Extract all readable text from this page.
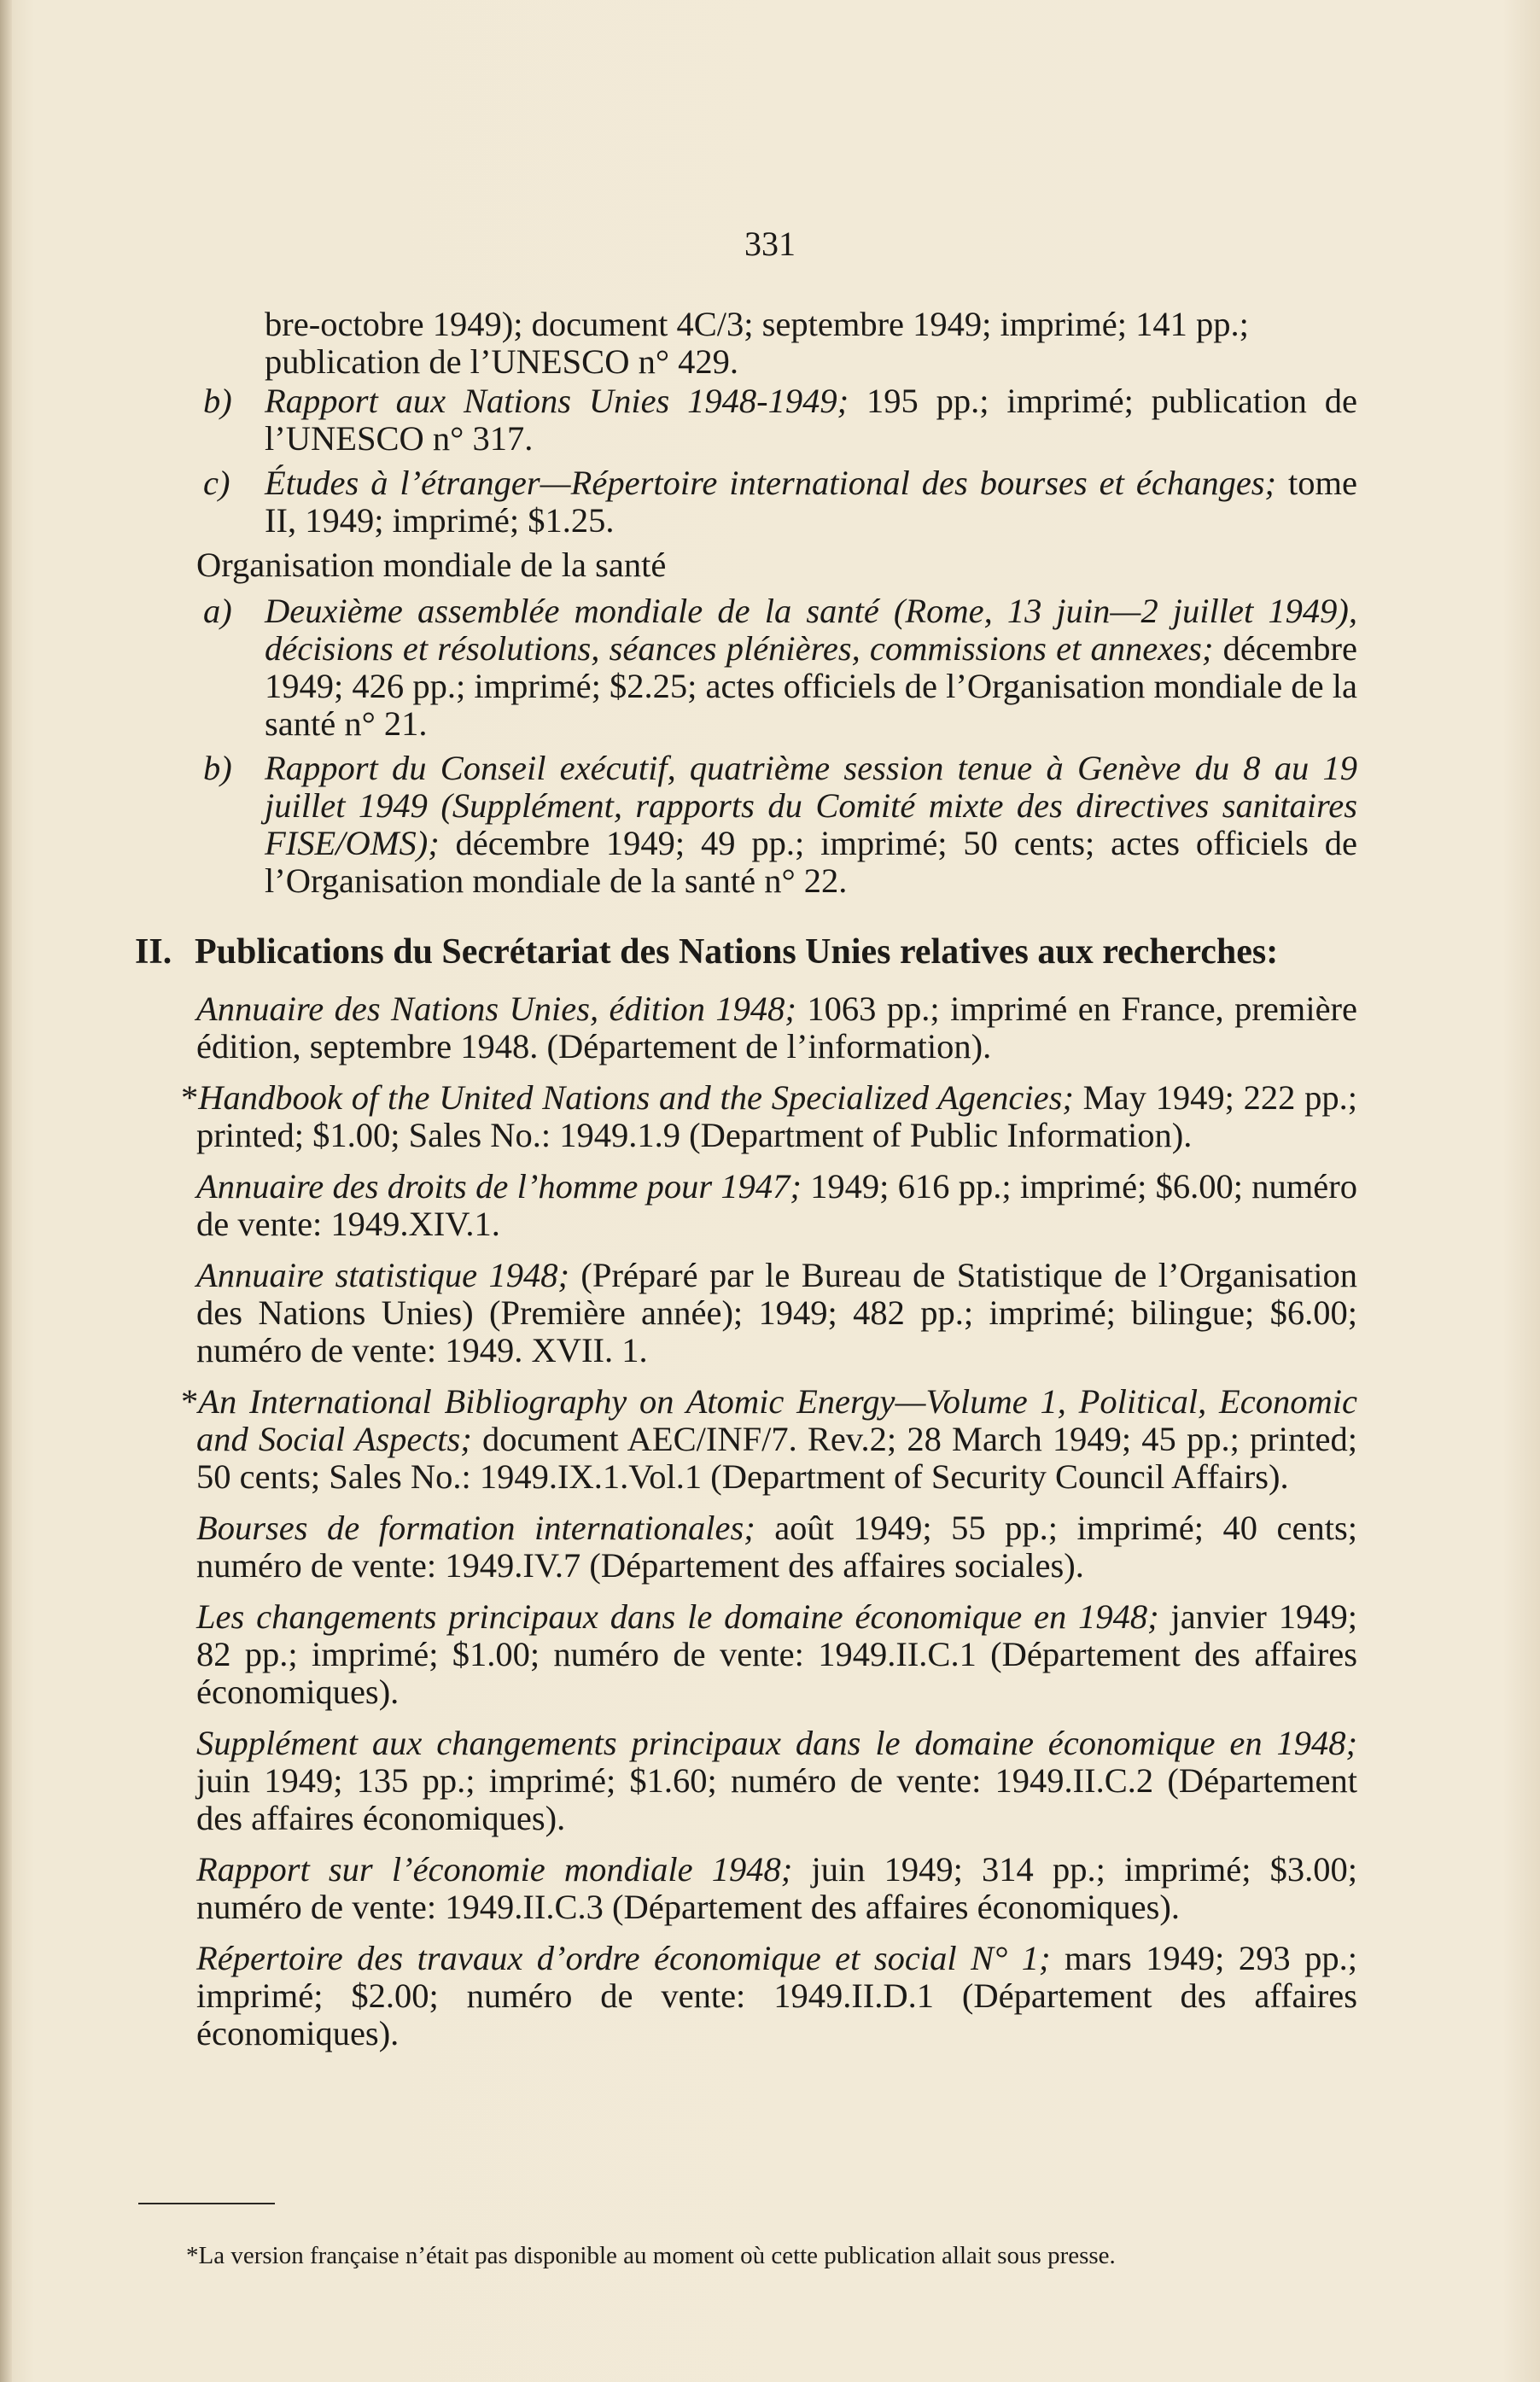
331

bre-octobre 1949); document 4C/3; septembre 1949; imprimé; 141 pp.; publication de l’UNESCO n° 429.

b) Rapport aux Nations Unies 1948-1949; 195 pp.; imprimé; publication de l’UNESCO n° 317.

c)	Études à l’étranger—Répertoire international des bourses et échanges; tome II, 1949; imprimé; $1.25.

Organisation mondiale de la santé

a) Deuxième assemblée mondiale de la santé (Rome, 13 juin—2 juillet 1949), décisions et résolutions, séances plénières, commissions et annexes; décembre 1949; 426 pp.; imprimé; $2.25; actes officiels de l’Organisation mondiale de la santé n° 21.

b) Rapport du Conseil exécutif, quatrième session tenue à Genève du 8 au 19 juillet 1949 (Supplément, rapports du Comité mixte des directives sanitaires FISE/OMS); décembre 1949; 49 pp.; imprimé; 50 cents; actes officiels de l’Organisation mondiale de la santé n° 22.

II. Publications du Secrétariat des Nations Unies relatives aux recherches:

Annuaire des Nations Unies, édition 1948; 1063 pp.; imprimé en France, première édition, septembre 1948. (Département de l’information).

*Handbook of the United Nations and the Specialized Agencies; May 1949; 222 pp.; printed; $1.00; Sales No.: 1949.1.9 (Department of Public Information).

Annuaire des droits de l’homme pour 1947; 1949; 616 pp.; imprimé; $6.00; numéro de vente: 1949.XIV.1.

Annuaire statistique 1948; (Préparé par le Bureau de Statistique de l’Organisation des Nations Unies) (Première année); 1949; 482 pp.; imprimé; bilingue; $6.00; numéro de vente: 1949. XVII. 1.

*An International Bibliography on Atomic Energy—Volume 1, Political, Economic and Social Aspects; document AEC/INF/7. Rev.2; 28 March 1949; 45 pp.; printed; 50 cents; Sales No.: 1949.IX.1.Vol.1 (Department of Security Council Affairs).

Bourses de formation internationales; août 1949; 55 pp.; imprimé; 40 cents; numéro de vente: 1949.IV.7 (Département des affaires sociales).

Les changements principaux dans le domaine économique en 1948; janvier 1949; 82 pp.; imprimé; $1.00; numéro de vente: 1949.II.C.1 (Département des affaires économiques).

Supplément aux changements principaux dans le domaine économique en 1948; juin 1949; 135 pp.; imprimé; $1.60; numéro de vente: 1949.II.C.2 (Département des affaires économiques).

Rapport sur l’économie mondiale 1948; juin 1949; 314 pp.; imprimé; $3.00; numéro de vente: 1949.II.C.3 (Département des affaires économiques).

Répertoire des travaux d’ordre économique et social N° 1; mars 1949; 293 pp.; imprimé; $2.00; numéro de vente: 1949.II.D.1 (Département des affaires économiques).

*La version française n’était pas disponible au moment où cette publication allait sous presse.
